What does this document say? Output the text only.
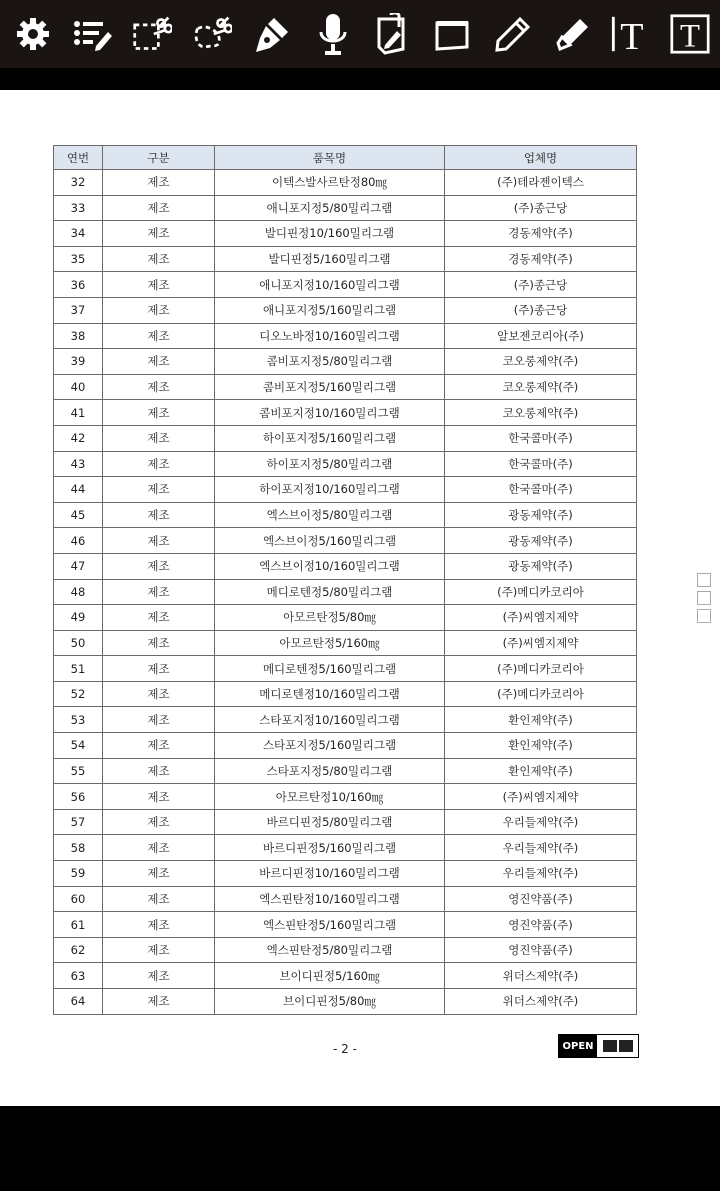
T T
연번	구분	품목명	업체명
32	제조	이텍스발사르탄정80㎎	(주)테라젠이텍스
33	제조	애니포지정5/80밀리그램	(주)종근당
34	제조	발디핀정10/160밀리그램	경동제약(주)
35	제조	발디핀정5/160밀리그램	경동제약(주)
36	제조	애니포지정10/160밀리그램	(주)종근당
37	제조	애니포지정5/160밀리그램	(주)종근당
38	제조	디오노바정10/160밀리그램	알보젠코리아(주)
39	제조	콤비포지정5/80밀리그램	코오롱제약(주)
40	제조	콤비포지정5/160밀리그램	코오롱제약(주)
41	제조	콤비포지정10/160밀리그램	코오롱제약(주)
42	제조	하이포지정5/160밀리그램	한국콜마(주)
43	제조	하이포지정5/80밀리그램	한국콜마(주)
44	제조	하이포지정10/160밀리그램	한국콜마(주)
45	제조	엑스브이정5/80밀리그램	광동제약(주)
46	제조	엑스브이정5/160밀리그램	광동제약(주)
47	제조	엑스브이정10/160밀리그램	광동제약(주)
48	제조	메디로텐정5/80밀리그램	(주)메디카코리아
49	제조	아모르탄정5/80㎎	(주)씨엠지제약
50	제조	아모르탄정5/160㎎	(주)씨엠지제약
51	제조	메디로텐정5/160밀리그램	(주)메디카코리아
52	제조	메디로텐정10/160밀리그램	(주)메디카코리아
53	제조	스타포지정10/160밀리그램	환인제약(주)
54	제조	스타포지정5/160밀리그램	환인제약(주)
55	제조	스타포지정5/80밀리그램	환인제약(주)
56	제조	아모르탄정10/160㎎	(주)씨엠지제약
57	제조	바르디핀정5/80밀리그램	우리들제약(주)
58	제조	바르디핀정5/160밀리그램	우리들제약(주)
59	제조	바르디핀정10/160밀리그램	우리들제약(주)
60	제조	엑스핀탄정10/160밀리그램	영진약품(주)
61	제조	엑스핀탄정5/160밀리그램	영진약품(주)
62	제조	엑스핀탄정5/80밀리그램	영진약품(주)
63	제조	브이디핀정5/160㎎	위더스제약(주)
64	제조	브이디핀정5/80㎎	위더스제약(주)
- 2 -	OPEN
